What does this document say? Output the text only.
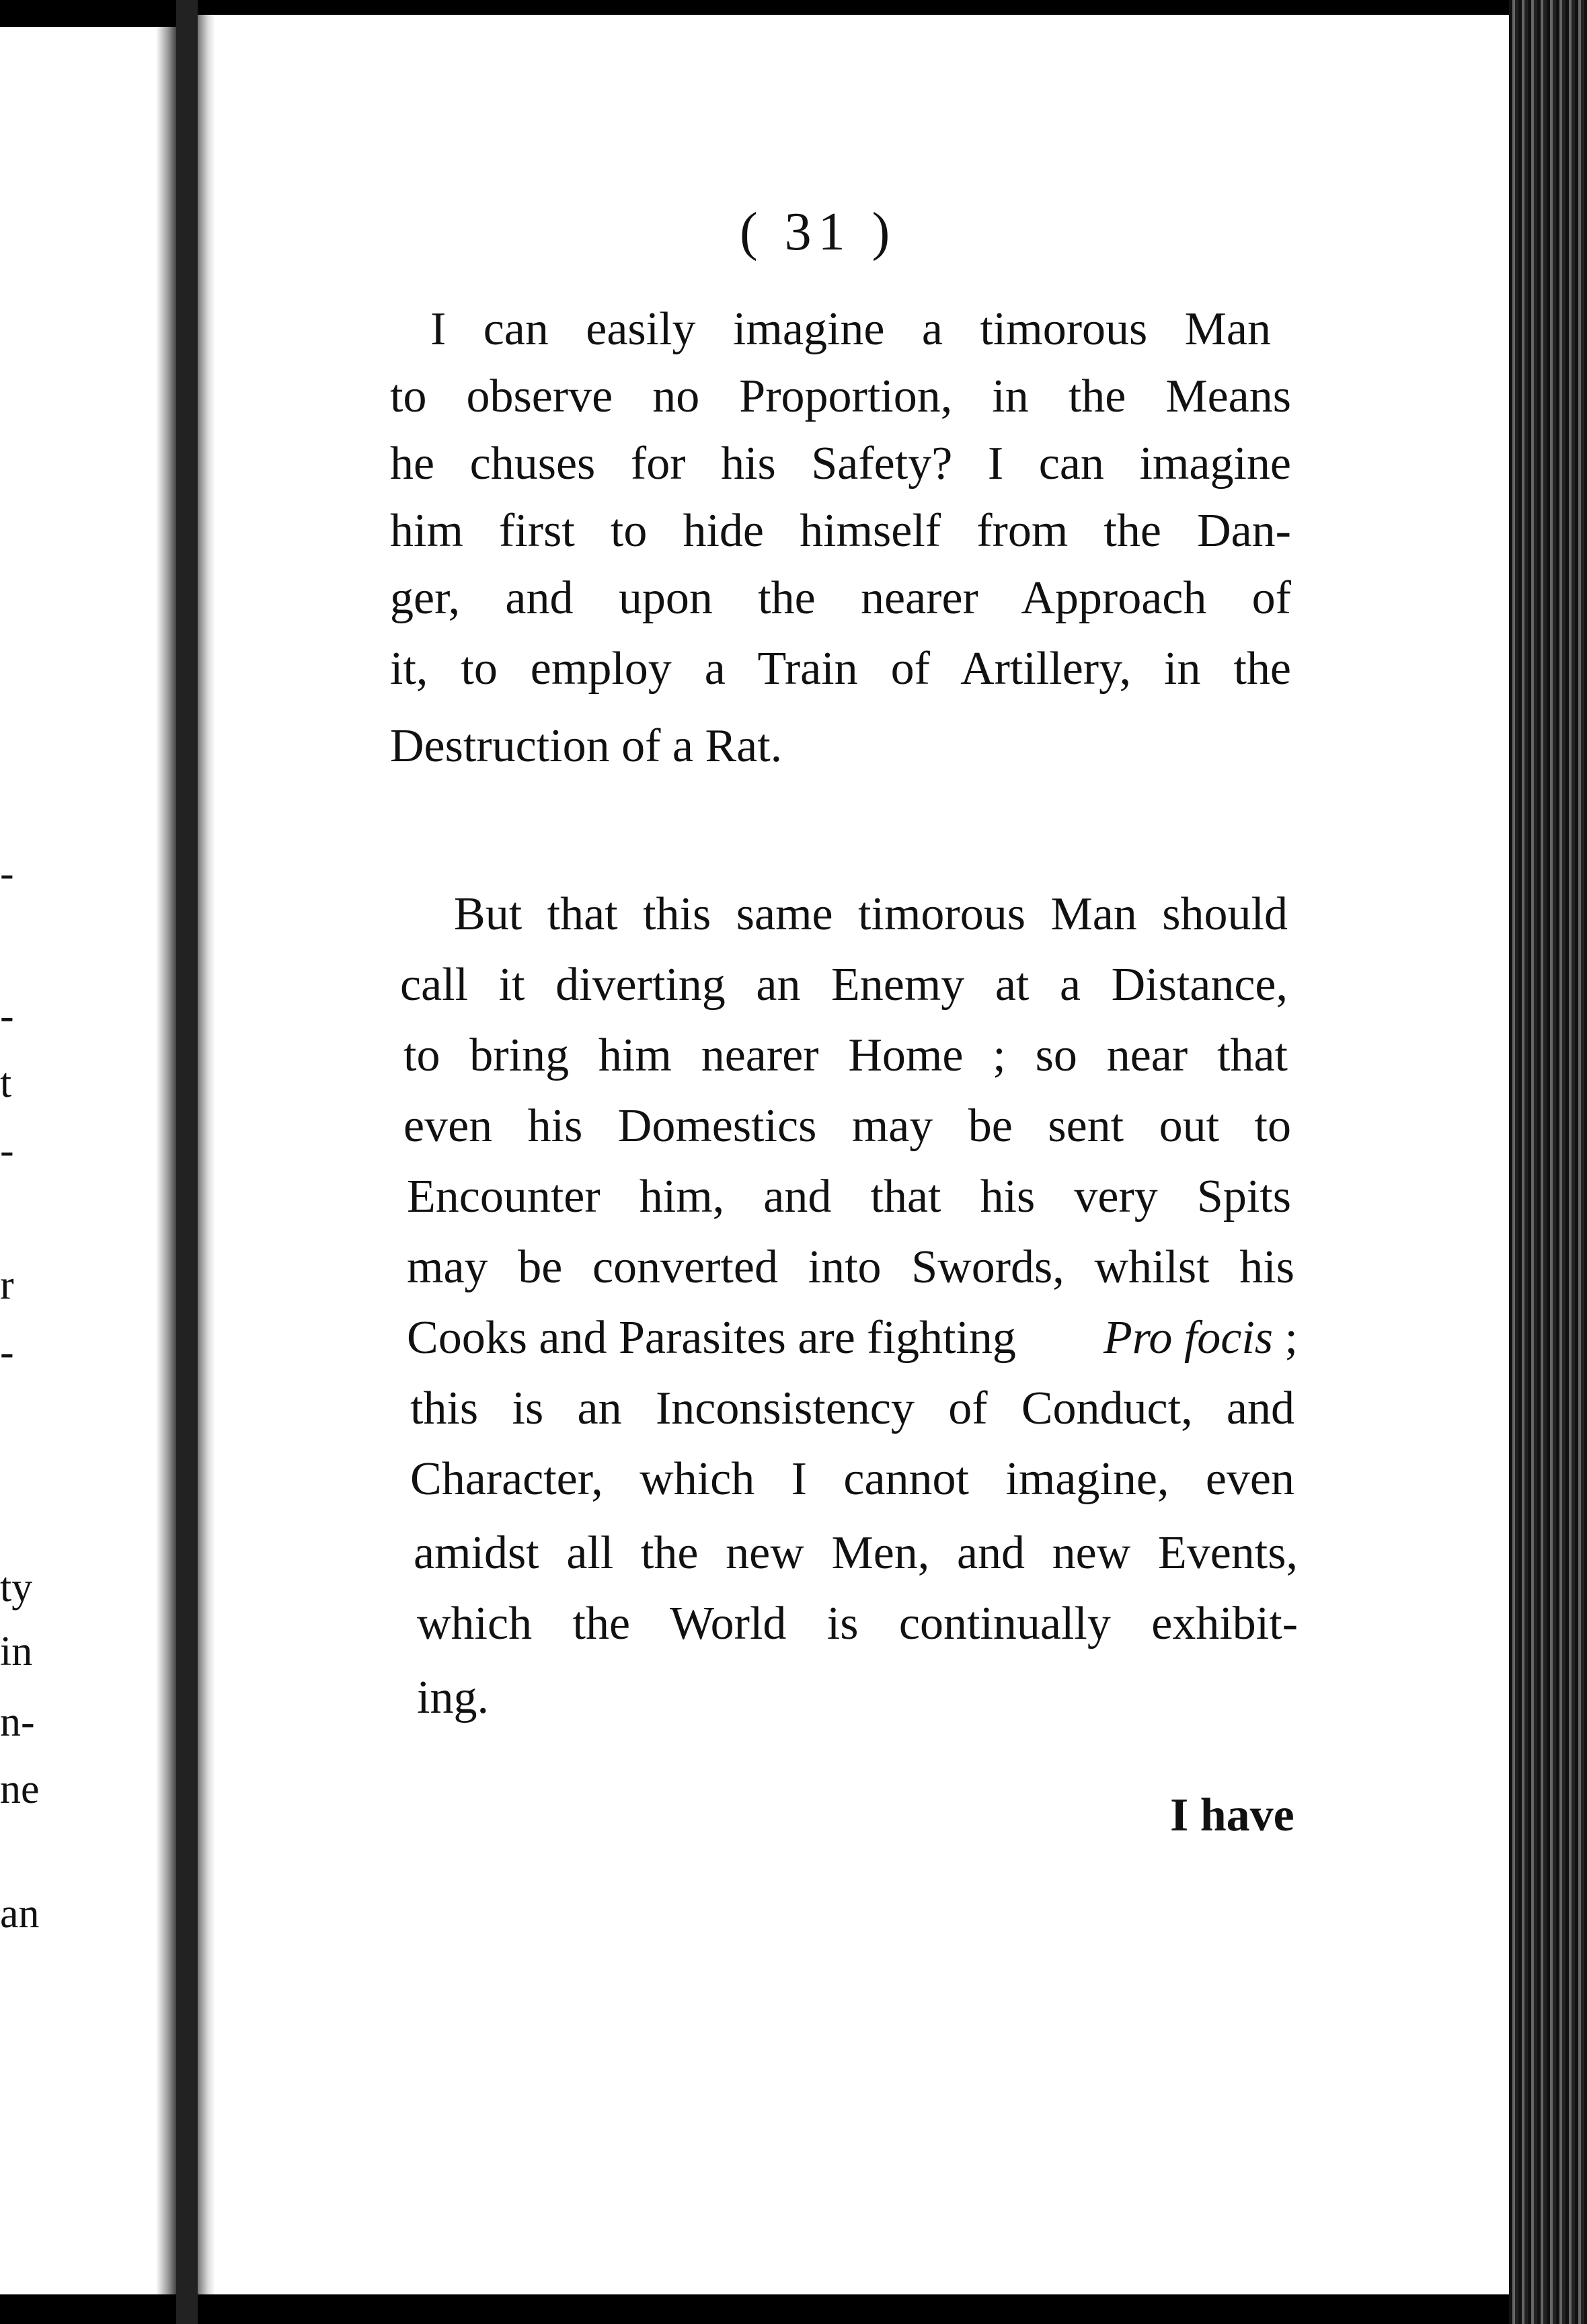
-
-
t
-
r
-
ty
in
n-
ne
an
( 31 )
I can easily imagine a timorous Man
to observe no Proportion, in the Means
he chuses for his Safety? I can imagine
him first to hide himself from the Dan-
ger, and upon the nearer Approach of
it, to employ a Train of Artillery, in the
Destruction of a Rat.
But that this same timorous Man should
call it diverting an Enemy at a Distance,
to bring him nearer Home ; so near that
even his Domestics may be sent out to
Encounter him, and that his very Spits
may be converted into Swords, whilst his
Cooks and Parasites are fighting Pro focis ;
this is an Inconsistency of Conduct, and
Character, which I cannot imagine, even
amidst all the new Men, and new Events,
which the World is continually exhibit-
ing.
I have
